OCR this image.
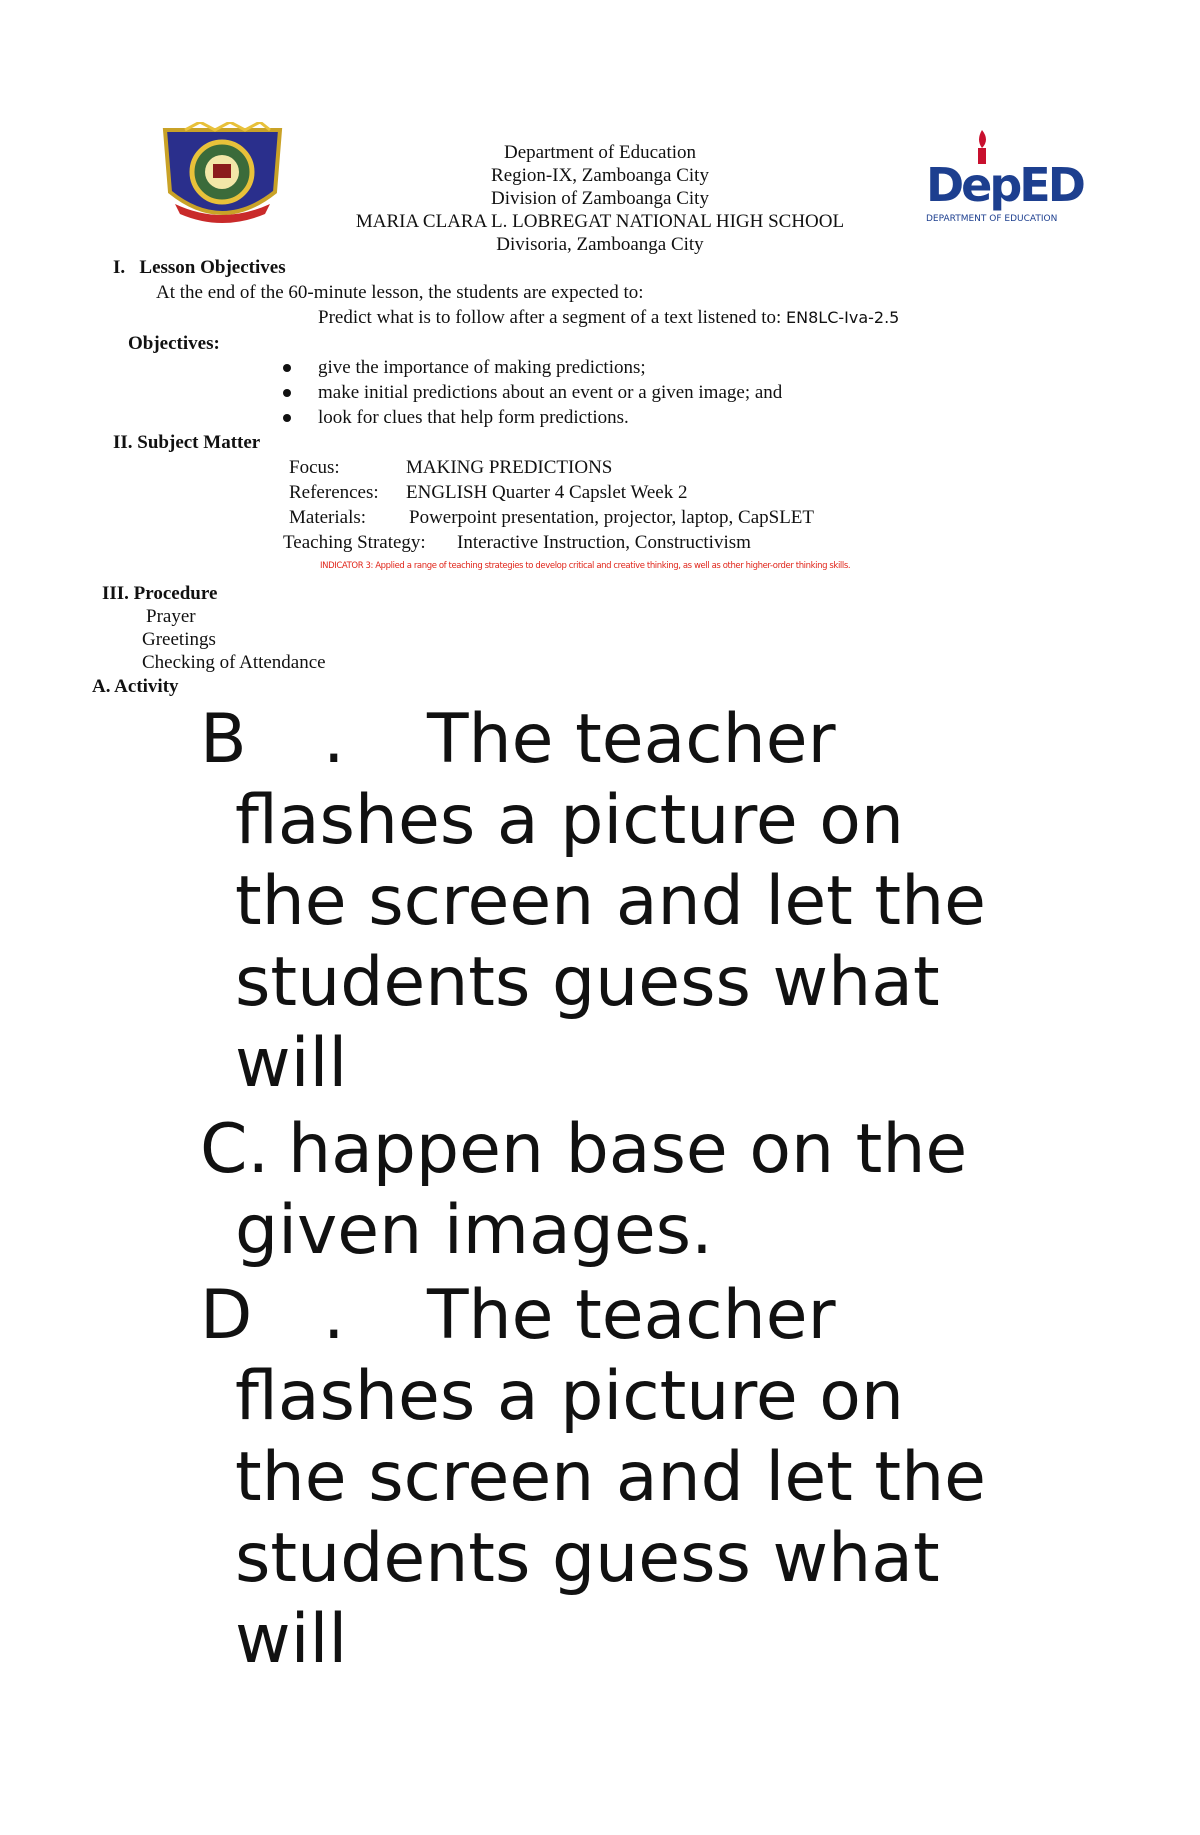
Department of Education
Region-IX, Zamboanga City
Division of Zamboanga City
MARIA CLARA L. LOBREGAT NATIONAL HIGH SCHOOL
Divisoria, Zamboanga City
DepED
DEPARTMENT OF EDUCATION
I. Lesson Objectives
At the end of the 60-minute lesson, the students are expected to:
Predict what is to follow after a segment of a text listened to: EN8LC-Iva-2.5
Objectives:
give the importance of making predictions;
make initial predictions about an event or a given image; and
look for clues that help form predictions.
II. Subject Matter
Focus:	MAKING PREDICTIONS
References: ENGLISH Quarter 4 Capslet Week 2
Materials: Powerpoint presentation, projector, laptop, CapSLET
Teaching Strategy: Interactive Instruction, Constructivism
INDICATOR 3: Applied a range of teaching strategies to develop critical and creative thinking, as well as other higher-order thinking skills.
III. Procedure
Prayer
Greetings
Checking of Attendance
A. Activity
B . The teacher
flashes a picture on
the screen and let the
students guess what
will
C. happen base on the
given images.
D . The teacher
flashes a picture on
the screen and let the
students guess what
will
